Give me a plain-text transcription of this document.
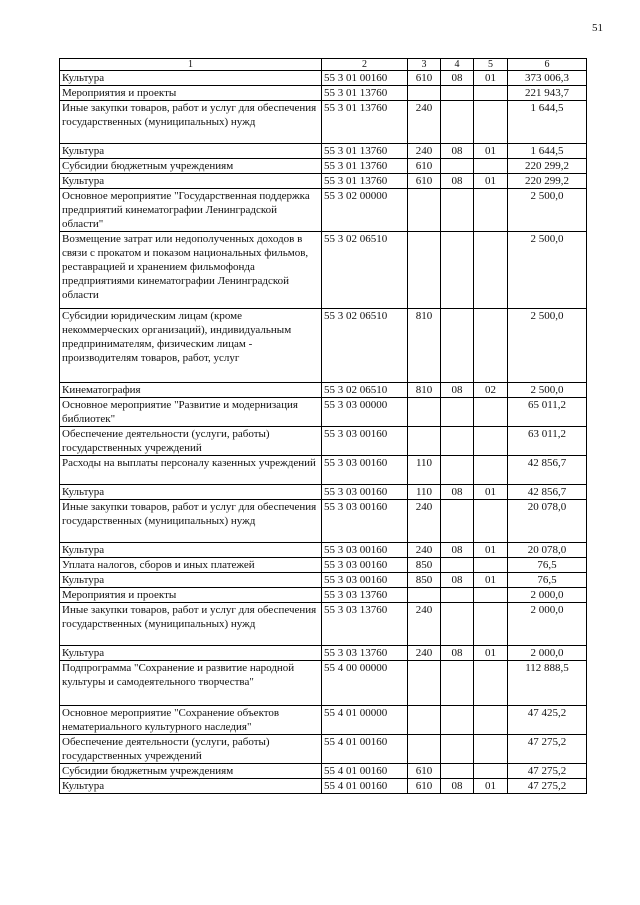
51
1	2	3	4	5	6
Культура	55 3 01 00160	610	08	01	373 006,3
Мероприятия и проекты	55 3 01 13760				221 943,7
Иные закупки товаров, работ и услуг для обеспечения государственных (муниципальных) нужд	55 3 01 13760	240			1 644,5
Культура	55 3 01 13760	240	08	01	1 644,5
Субсидии бюджетным учреждениям	55 3 01 13760	610			220 299,2
Культура	55 3 01 13760	610	08	01	220 299,2
Основное мероприятие "Государственная поддержка предприятий кинематографии Ленинградской области"	55 3 02 00000				2 500,0
Возмещение затрат или недополученных доходов в связи с прокатом и показом национальных фильмов, реставрацией и хранением фильмофонда предприятиями кинематографии Ленинградской области	55 3 02 06510				2 500,0
Субсидии юридическим лицам (кроме некоммерческих организаций), индивидуальным предпринимателям, физическим лицам - производителям товаров, работ, услуг	55 3 02 06510	810			2 500,0
Кинематография	55 3 02 06510	810	08	02	2 500,0
Основное мероприятие "Развитие и модернизация библиотек"	55 3 03 00000				65 011,2
Обеспечение деятельности (услуги, работы) государственных учреждений	55 3 03 00160				63 011,2
Расходы на выплаты персоналу казенных учреждений	55 3 03 00160	110			42 856,7
Культура	55 3 03 00160	110	08	01	42 856,7
Иные закупки товаров, работ и услуг для обеспечения государственных (муниципальных) нужд	55 3 03 00160	240			20 078,0
Культура	55 3 03 00160	240	08	01	20 078,0
Уплата налогов, сборов и иных платежей	55 3 03 00160	850			76,5
Культура	55 3 03 00160	850	08	01	76,5
Мероприятия и проекты	55 3 03 13760				2 000,0
Иные закупки товаров, работ и услуг для обеспечения государственных (муниципальных) нужд	55 3 03 13760	240			2 000,0
Культура	55 3 03 13760	240	08	01	2 000,0
Подпрограмма "Сохранение и развитие народной культуры и самодеятельного творчества"	55 4 00 00000				112 888,5
Основное мероприятие "Сохранение объектов нематериального культурного наследия"	55 4 01 00000				47 425,2
Обеспечение деятельности (услуги, работы) государственных учреждений	55 4 01 00160				47 275,2
Субсидии бюджетным учреждениям	55 4 01 00160	610			47 275,2
Культура	55 4 01 00160	610	08	01	47 275,2
